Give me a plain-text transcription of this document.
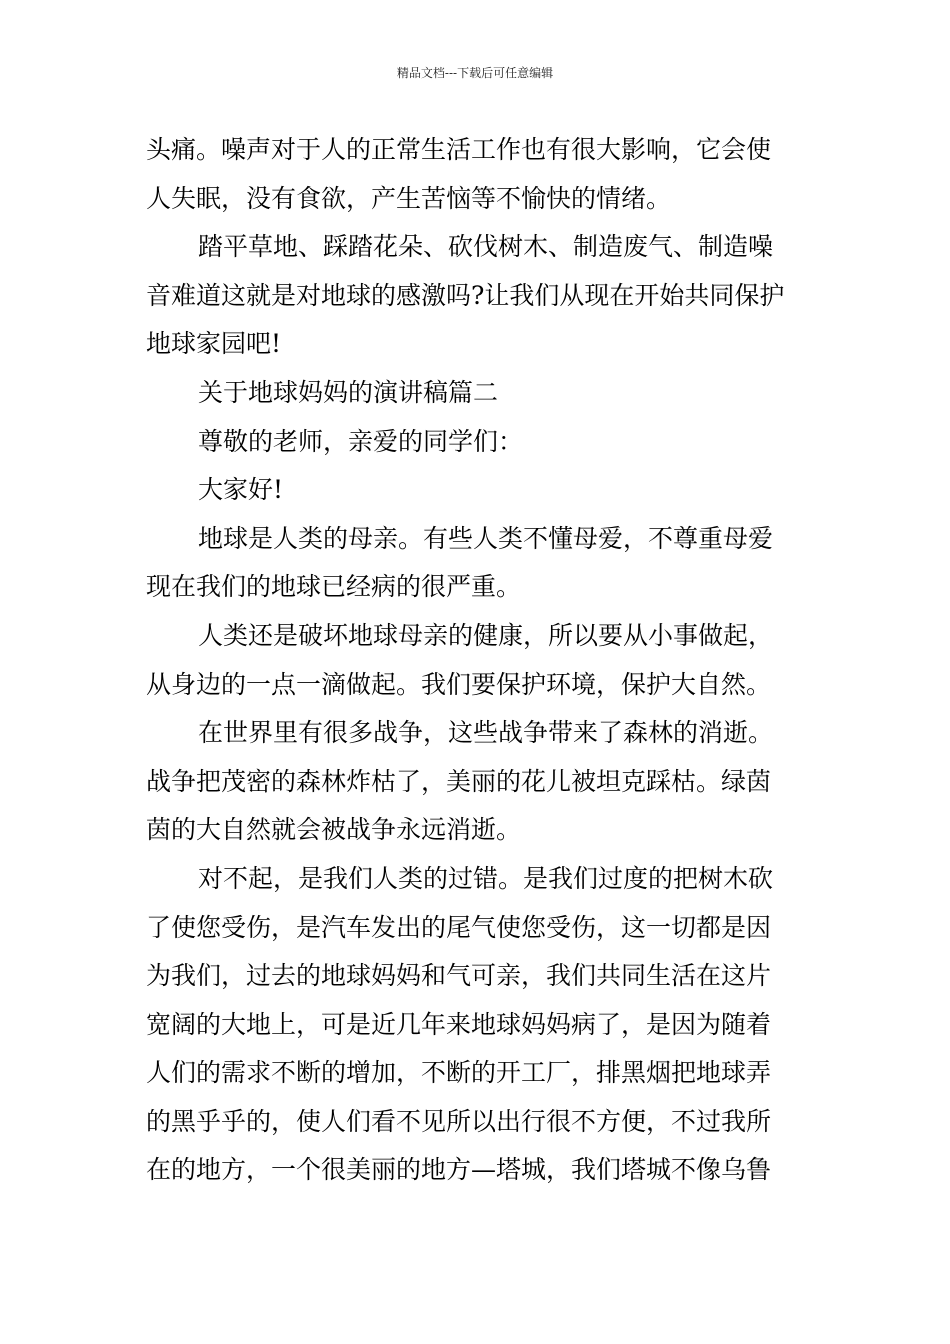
精品文档---下载后可任意编辑
头痛。噪声对于人的正常生活工作也有很大影响，它会使
人失眠，没有食欲，产生苦恼等不愉快的情绪。
踏平草地、踩踏花朵、砍伐树木、制造废气、制造噪
音难道这就是对地球的感激吗?让我们从现在开始共同保护
地球家园吧!
关于地球妈妈的演讲稿篇二
尊敬的老师，亲爱的同学们：
大家好!
地球是人类的母亲。有些人类不懂母爱，不尊重母爱
现在我们的地球已经病的很严重。
人类还是破坏地球母亲的健康，所以要从小事做起，
从身边的一点一滴做起。我们要保护环境，保护大自然。
在世界里有很多战争，这些战争带来了森林的消逝。
战争把茂密的森林炸枯了，美丽的花儿被坦克踩枯。绿茵
茵的大自然就会被战争永远消逝。
对不起，是我们人类的过错。是我们过度的把树木砍
了使您受伤，是汽车发出的尾气使您受伤，这一切都是因
为我们，过去的地球妈妈和气可亲，我们共同生活在这片
宽阔的大地上，可是近几年来地球妈妈病了，是因为随着
人们的需求不断的增加，不断的开工厂，排黑烟把地球弄
的黑乎乎的，使人们看不见所以出行很不方便，不过我所
在的地方，一个很美丽的地方—塔城，我们塔城不像乌鲁
